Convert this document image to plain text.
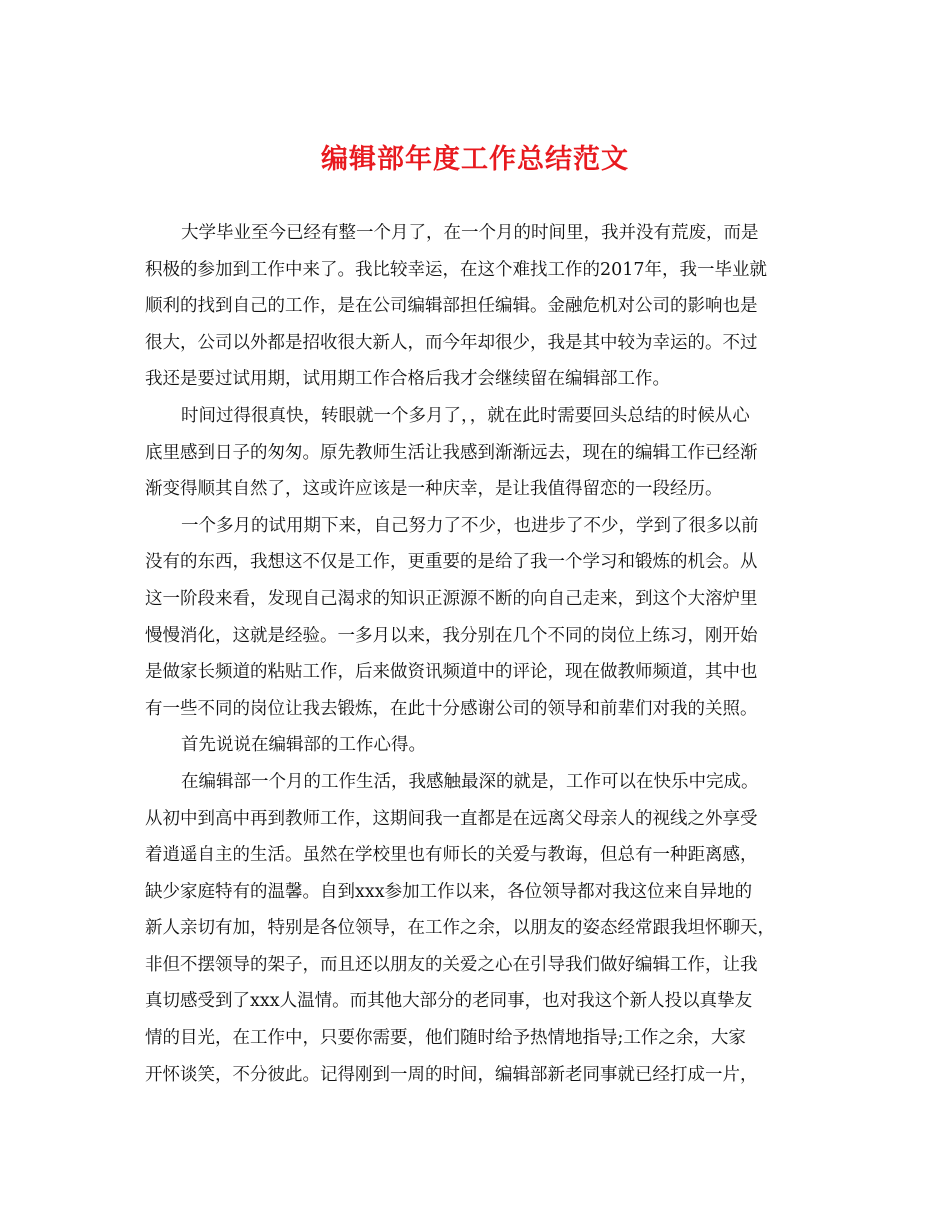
编辑部年度工作总结范文
大学毕业至今已经有整一个月了，在一个月的时间里，我并没有荒废，而是
积极的参加到工作中来了。我比较幸运，在这个难找工作的2017年，我一毕业就
顺利的找到自己的工作，是在公司编辑部担任编辑。金融危机对公司的影响也是
很大，公司以外都是招收很大新人，而今年却很少，我是其中较为幸运的。不过
我还是要过试用期，试用期工作合格后我才会继续留在编辑部工作。
时间过得很真快，转眼就一个多月了，，就在此时需要回头总结的时候从心
底里感到日子的匆匆。原先教师生活让我感到渐渐远去，现在的编辑工作已经渐
渐变得顺其自然了，这或许应该是一种庆幸，是让我值得留恋的一段经历。
一个多月的试用期下来，自己努力了不少，也进步了不少，学到了很多以前
没有的东西，我想这不仅是工作，更重要的是给了我一个学习和锻炼的机会。从
这一阶段来看，发现自己渴求的知识正源源不断的向自己走来，到这个大溶炉里
慢慢消化，这就是经验。一多月以来，我分别在几个不同的岗位上练习，刚开始
是做家长频道的粘贴工作，后来做资讯频道中的评论，现在做教师频道，其中也
有一些不同的岗位让我去锻炼，在此十分感谢公司的领导和前辈们对我的关照。
首先说说在编辑部的工作心得。
在编辑部一个月的工作生活，我感触最深的就是，工作可以在快乐中完成。
从初中到高中再到教师工作，这期间我一直都是在远离父母亲人的视线之外享受
着逍遥自主的生活。虽然在学校里也有师长的关爱与教诲，但总有一种距离感，
缺少家庭特有的温馨。自到xxx参加工作以来，各位领导都对我这位来自异地的
新人亲切有加，特别是各位领导，在工作之余，以朋友的姿态经常跟我坦怀聊天，
非但不摆领导的架子，而且还以朋友的关爱之心在引导我们做好编辑工作，让我
真切感受到了xxx人温情。而其他大部分的老同事，也对我这个新人投以真挚友
情的目光，在工作中，只要你需要，他们随时给予热情地指导;工作之余，大家
开怀谈笑，不分彼此。记得刚到一周的时间，编辑部新老同事就已经打成一片，
